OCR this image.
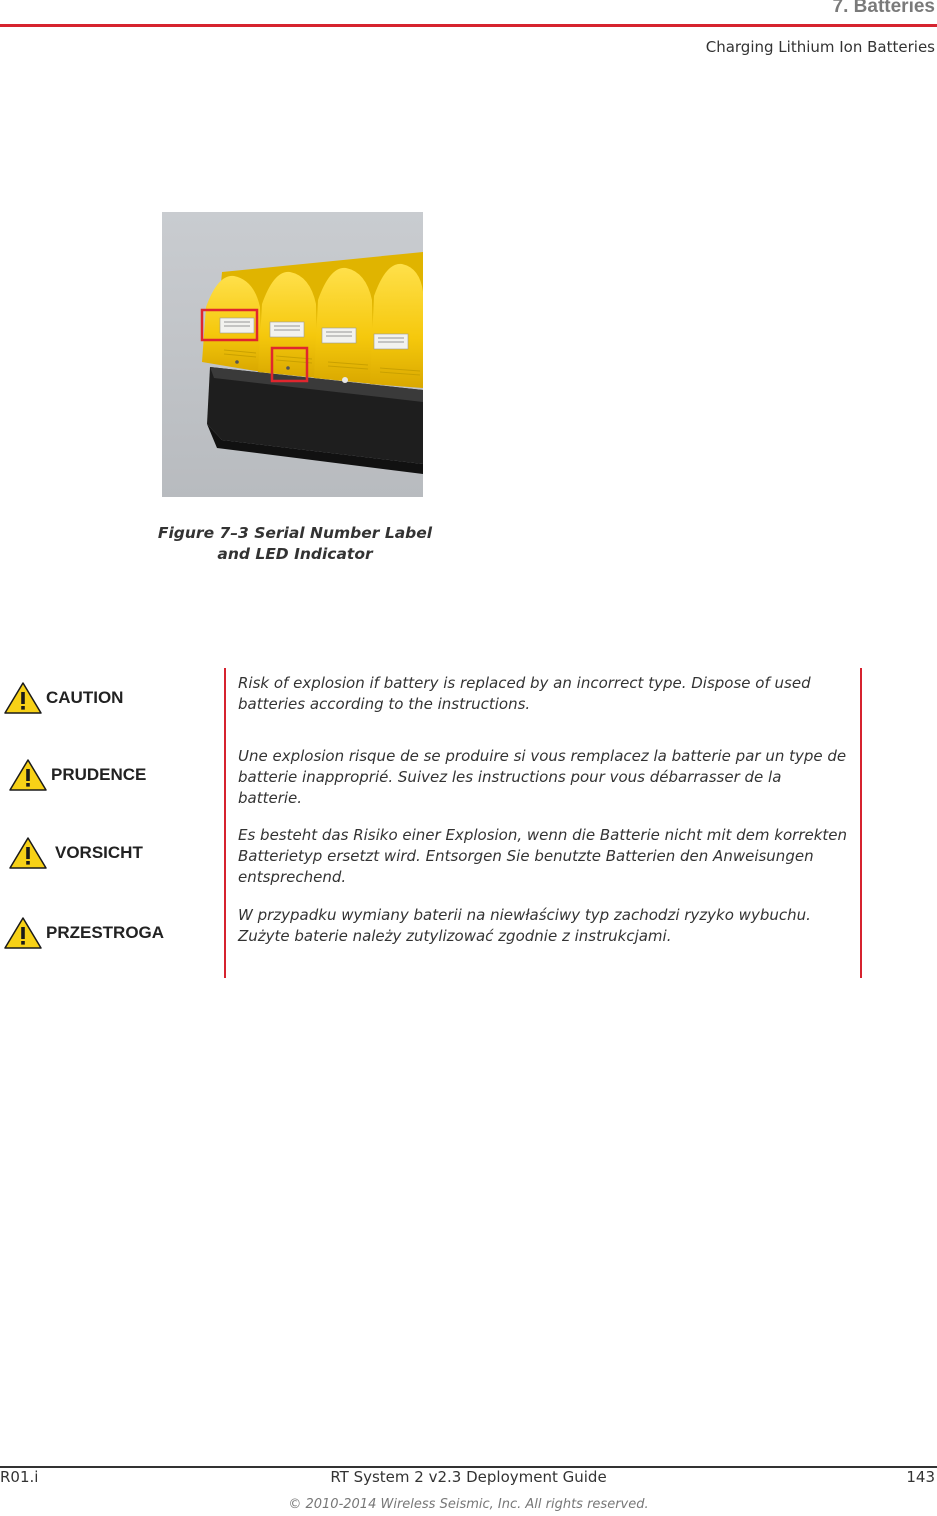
7. Batteries
Charging Lithium Ion Batteries
Figure 7–3 Serial Number Label
and LED Indicator
CAUTION

Risk of explosion if battery is replaced by an incorrect type. Dispose of used batteries according to the instructions.

PRUDENCE

Une explosion risque de se produire si vous remplacez la batterie par un type de batterie inapproprié. Suivez les instructions pour vous débarrasser de la batterie.

VORSICHT

Es besteht das Risiko einer Explosion, wenn die Batterie nicht mit dem korrekten Batterietyp ersetzt wird. Entsorgen Sie benutzte Batterien den Anweisungen entsprechend.

PRZESTROGA

W przypadku wymiany baterii na niewłaściwy typ zachodzi ryzyko wybuchu. Zużyte baterie należy zutylizować zgodnie z instrukcjami.

R01.i	RT System 2 v2.3 Deployment Guide	143
© 2010-2014 Wireless Seismic, Inc. All rights reserved.
